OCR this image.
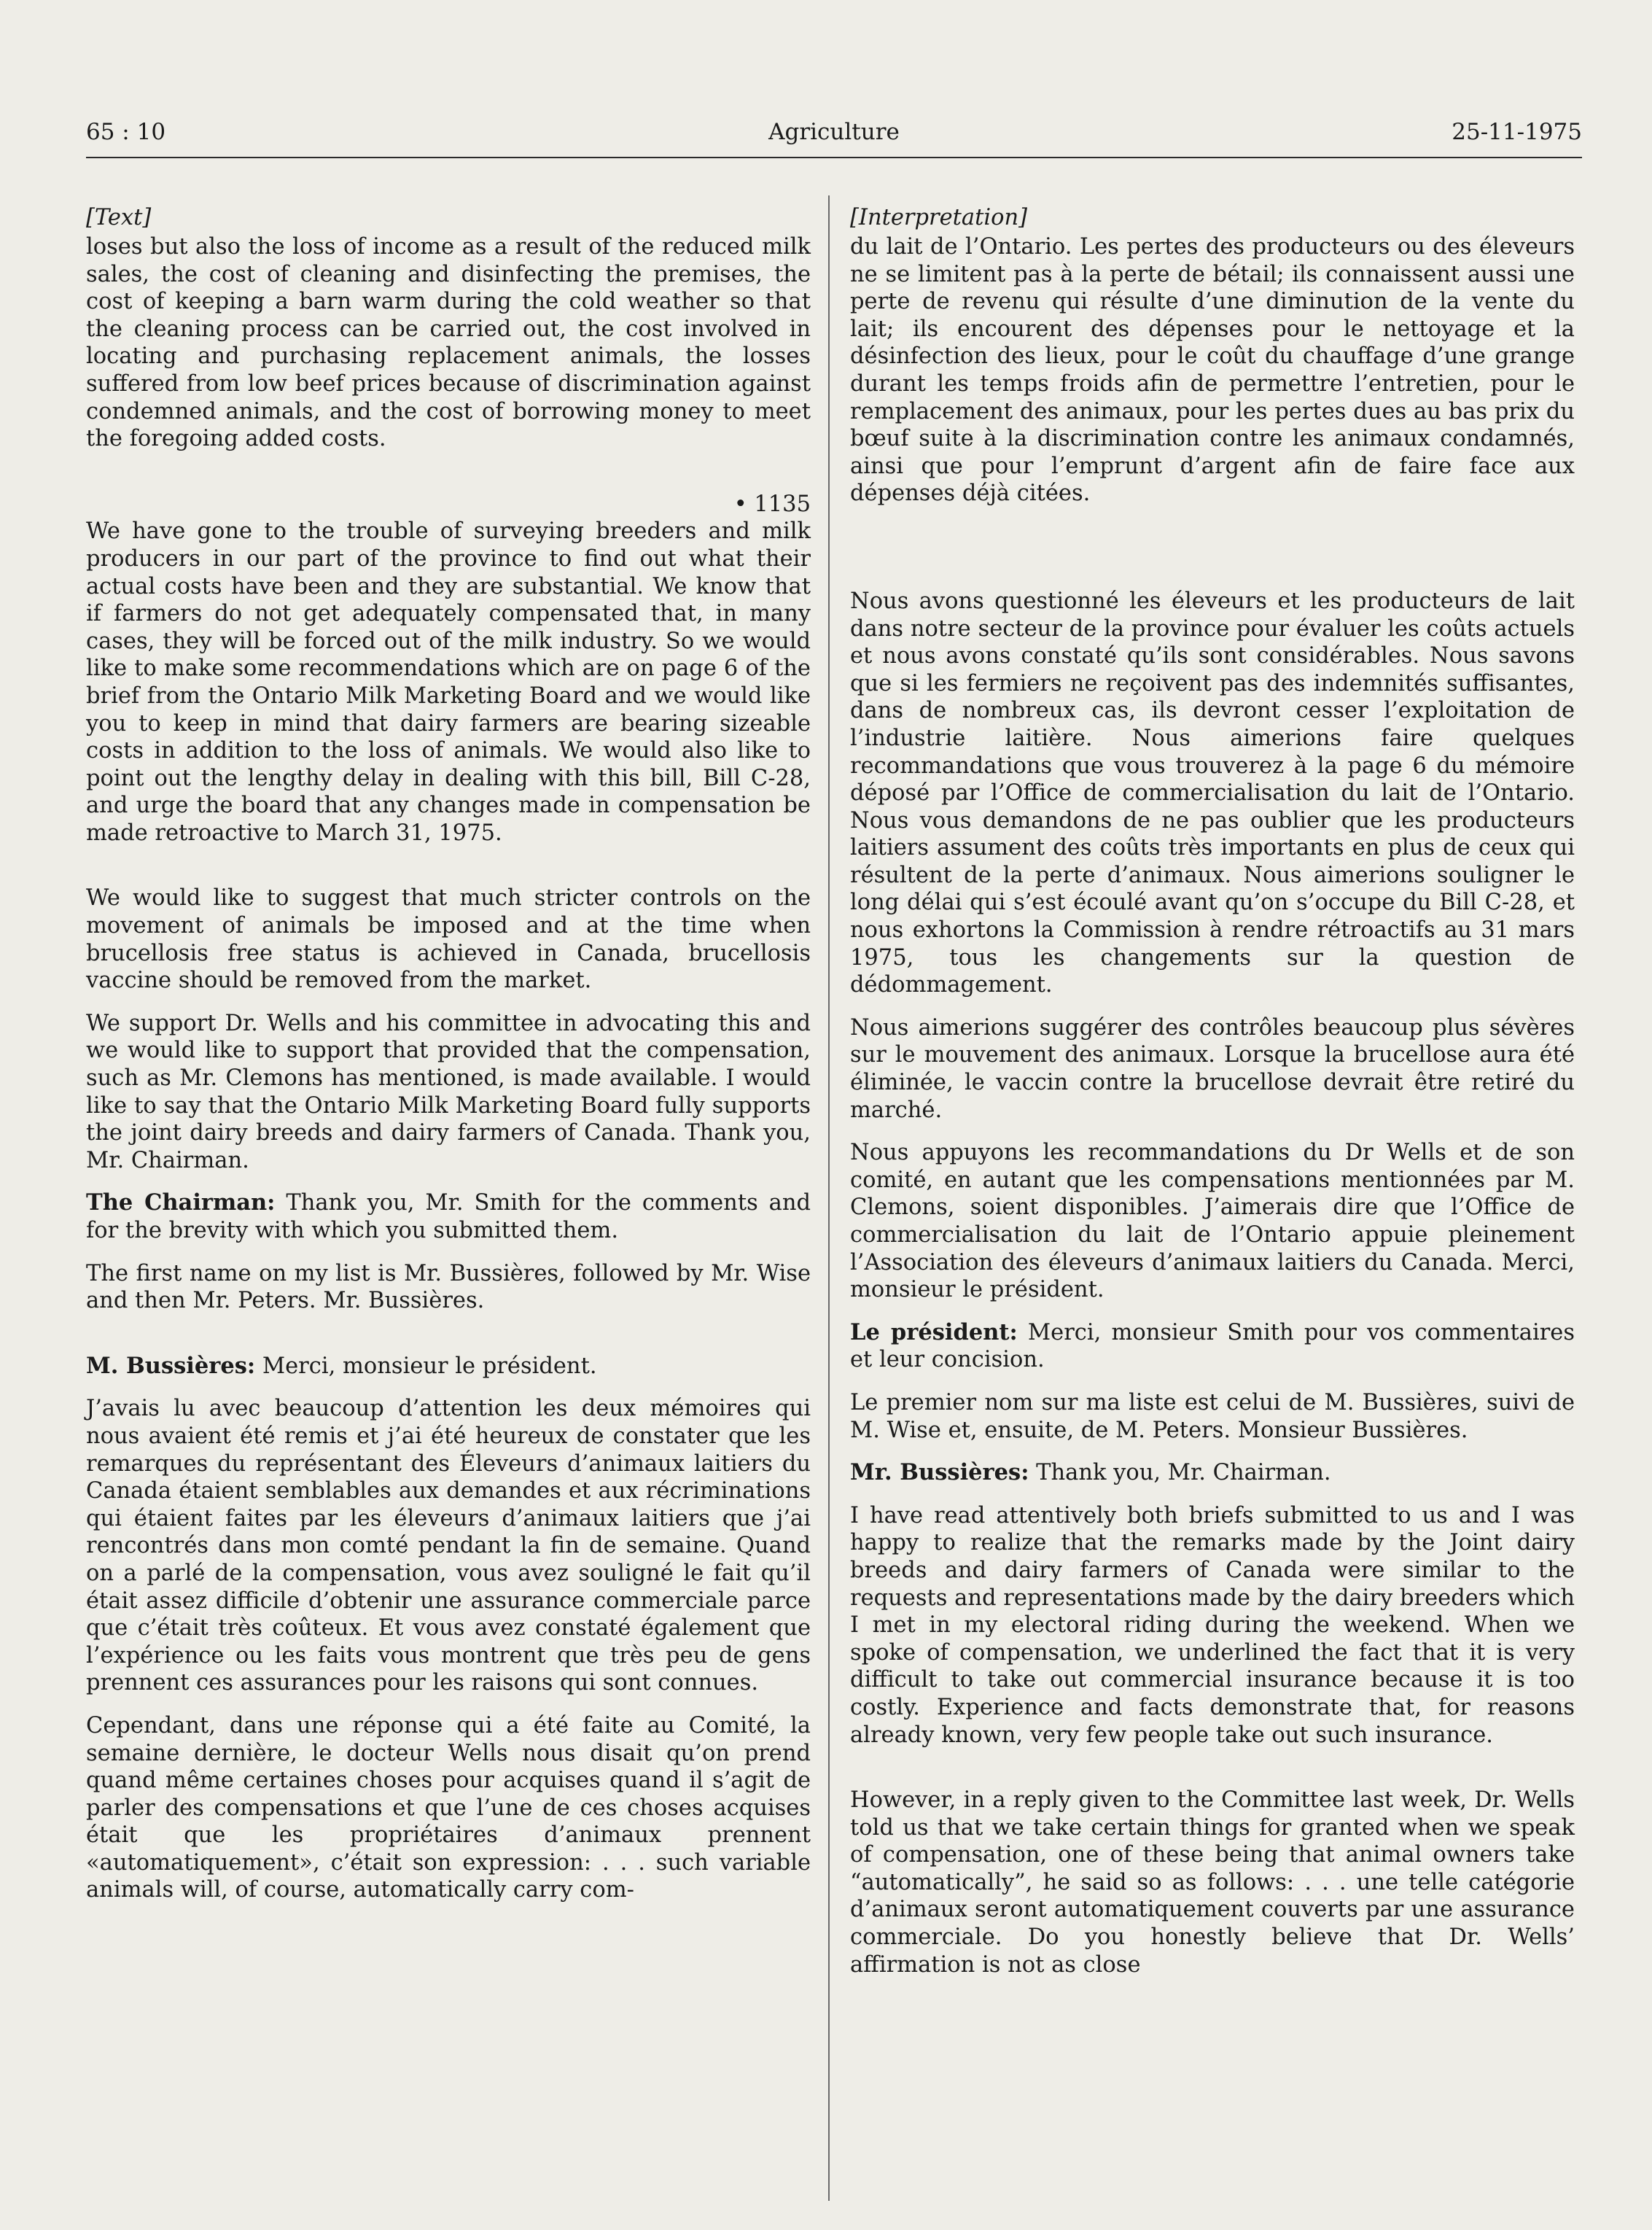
65 : 10	Agriculture	25-11-1975

[Text]

loses but also the loss of income as a result of the reduced milk sales, the cost of cleaning and disinfecting the premises, the cost of keeping a barn warm during the cold weather so that the cleaning process can be carried out, the cost involved in locating and purchasing replacement animals, the losses suffered from low beef prices because of discrimination against condemned animals, and the cost of borrowing money to meet the foregoing added costs.

• 1135

We have gone to the trouble of surveying breeders and milk producers in our part of the province to find out what their actual costs have been and they are substantial. We know that if farmers do not get adequately compensated that, in many cases, they will be forced out of the milk industry. So we would like to make some recommendations which are on page 6 of the brief from the Ontario Milk Marketing Board and we would like you to keep in mind that dairy farmers are bearing sizeable costs in addition to the loss of animals. We would also like to point out the lengthy delay in dealing with this bill, Bill C-28, and urge the board that any changes made in compensation be made retroactive to March 31, 1975.

We would like to suggest that much stricter controls on the movement of animals be imposed and at the time when brucellosis free status is achieved in Canada, brucellosis vaccine should be removed from the market.

We support Dr. Wells and his committee in advocating this and we would like to support that provided that the compensation, such as Mr. Clemons has mentioned, is made available. I would like to say that the Ontario Milk Marketing Board fully supports the joint dairy breeds and dairy farmers of Canada. Thank you, Mr. Chairman.

The Chairman: Thank you, Mr. Smith for the comments and for the brevity with which you submitted them.

The first name on my list is Mr. Bussières, followed by Mr. Wise and then Mr. Peters. Mr. Bussières.

M. Bussières: Merci, monsieur le président.

J’avais lu avec beaucoup d’attention les deux mémoires qui nous avaient été remis et j’ai été heureux de constater que les remarques du représentant des Éleveurs d’animaux laitiers du Canada étaient semblables aux demandes et aux récriminations qui étaient faites par les éleveurs d’animaux laitiers que j’ai rencontrés dans mon comté pendant la fin de semaine. Quand on a parlé de la compensation, vous avez souligné le fait qu’il était assez difficile d’obtenir une assurance commerciale parce que c’était très coûteux. Et vous avez constaté également que l’expérience ou les faits vous montrent que très peu de gens prennent ces assurances pour les raisons qui sont connues.

Cependant, dans une réponse qui a été faite au Comité, la semaine dernière, le docteur Wells nous disait qu’on prend quand même certaines choses pour acquises quand il s’agit de parler des compensations et que l’une de ces choses acquises était que les propriétaires d’animaux prennent «automatiquement», c’était son expression: . . . such variable animals will, of course, automatically carry com-

[Interpretation]

du lait de l’Ontario. Les pertes des producteurs ou des éleveurs ne se limitent pas à la perte de bétail; ils connaissent aussi une perte de revenu qui résulte d’une diminution de la vente du lait; ils encourent des dépenses pour le nettoyage et la désinfection des lieux, pour le coût du chauffage d’une grange durant les temps froids afin de permettre l’entretien, pour le remplacement des animaux, pour les pertes dues au bas prix du bœuf suite à la discrimination contre les animaux condamnés, ainsi que pour l’emprunt d’argent afin de faire face aux dépenses déjà citées.

Nous avons questionné les éleveurs et les producteurs de lait dans notre secteur de la province pour évaluer les coûts actuels et nous avons constaté qu’ils sont considérables. Nous savons que si les fermiers ne reçoivent pas des indemnités suffisantes, dans de nombreux cas, ils devront cesser l’exploitation de l’industrie laitière. Nous aimerions faire quelques recommandations que vous trouverez à la page 6 du mémoire déposé par l’Office de commercialisation du lait de l’Ontario. Nous vous demandons de ne pas oublier que les producteurs laitiers assument des coûts très importants en plus de ceux qui résultent de la perte d’animaux. Nous aimerions souligner le long délai qui s’est écoulé avant qu’on s’occupe du Bill C-28, et nous exhortons la Commission à rendre rétroactifs au 31 mars 1975, tous les changements sur la question de dédommagement.

Nous aimerions suggérer des contrôles beaucoup plus sévères sur le mouvement des animaux. Lorsque la brucellose aura été éliminée, le vaccin contre la brucellose devrait être retiré du marché.

Nous appuyons les recommandations du Dr Wells et de son comité, en autant que les compensations mentionnées par M. Clemons, soient disponibles. J’aimerais dire que l’Office de commercialisation du lait de l’Ontario appuie pleinement l’Association des éleveurs d’animaux laitiers du Canada. Merci, monsieur le président.

Le président: Merci, monsieur Smith pour vos commentaires et leur concision.

Le premier nom sur ma liste est celui de M. Bussières, suivi de M. Wise et, ensuite, de M. Peters. Monsieur Bussières.

Mr. Bussières: Thank you, Mr. Chairman.

I have read attentively both briefs submitted to us and I was happy to realize that the remarks made by the Joint dairy breeds and dairy farmers of Canada were similar to the requests and representations made by the dairy breeders which I met in my electoral riding during the weekend. When we spoke of compensation, we underlined the fact that it is very difficult to take out commercial insurance because it is too costly. Experience and facts demonstrate that, for reasons already known, very few people take out such insurance.

However, in a reply given to the Committee last week, Dr. Wells told us that we take certain things for granted when we speak of compensation, one of these being that animal owners take “automatically”, he said so as follows: . . . une telle catégorie d’animaux seront automatiquement couverts par une assurance commerciale. Do you honestly believe that Dr. Wells’ affirmation is not as close
